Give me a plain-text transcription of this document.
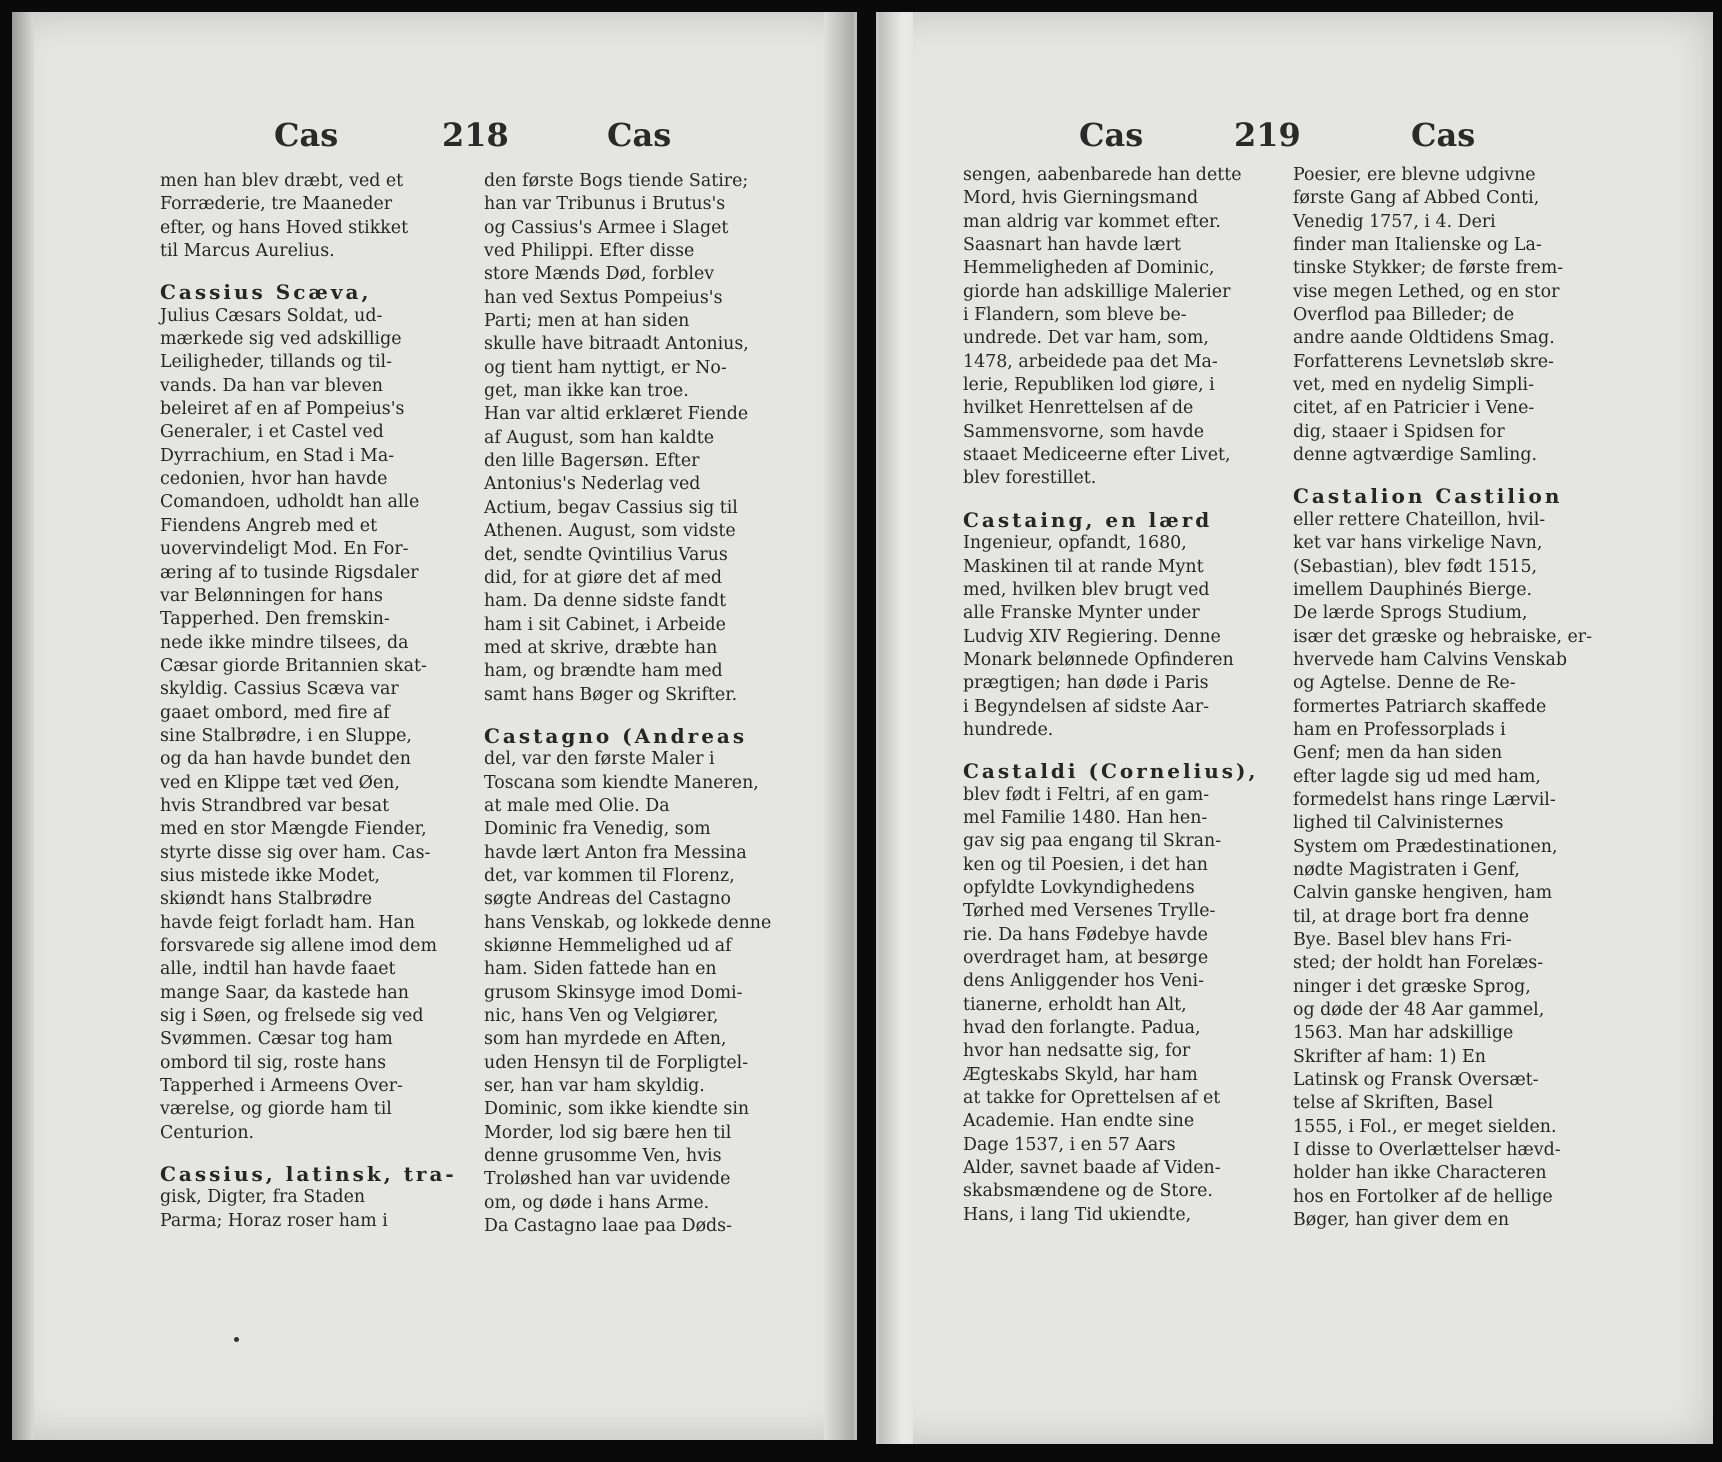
Cas	218	Cas
men han blev dræbt, ved et
Forræderie, tre Maaneder
efter, og hans Hoved stikket
til Marcus Aurelius.
Cassius Scæva,
Julius Cæsars Soldat, ud-
mærkede sig ved adskillige
Leiligheder, tillands og til-
vands. Da han var bleven
beleiret af en af Pompeius's
Generaler, i et Castel ved
Dyrrachium, en Stad i Ma-
cedonien, hvor han havde
Comandoen, udholdt han alle
Fiendens Angreb med et
uovervindeligt Mod. En For-
æring af to tusinde Rigsdaler
var Belønningen for hans
Tapperhed. Den fremskin-
nede ikke mindre tilsees, da
Cæsar giorde Britannien skat-
skyldig. Cassius Scæva var
gaaet ombord, med fire af
sine Stalbrødre, i en Sluppe,
og da han havde bundet den
ved en Klippe tæt ved Øen,
hvis Strandbred var besat
med en stor Mængde Fiender,
styrte disse sig over ham. Cas-
sius mistede ikke Modet,
skiøndt hans Stalbrødre
havde feigt forladt ham. Han
forsvarede sig allene imod dem
alle, indtil han havde faaet
mange Saar, da kastede han
sig i Søen, og frelsede sig ved
Svømmen. Cæsar tog ham
ombord til sig, roste hans
Tapperhed i Armeens Over-
værelse, og giorde ham til
Centurion.
Cassius, latinsk, tra-
gisk, Digter, fra Staden
Parma; Horaz roser ham i
den første Bogs tiende Satire;
han var Tribunus i Brutus's
og Cassius's Armee i Slaget
ved Philippi. Efter disse
store Mænds Død, forblev
han ved Sextus Pompeius's
Parti; men at han siden
skulle have bitraadt Antonius,
og tient ham nyttigt, er No-
get, man ikke kan troe.
Han var altid erklæret Fiende
af August, som han kaldte
den lille Bagersøn. Efter
Antonius's Nederlag ved
Actium, begav Cassius sig til
Athenen. August, som vidste
det, sendte Qvintilius Varus
did, for at giøre det af med
ham. Da denne sidste fandt
ham i sit Cabinet, i Arbeide
med at skrive, dræbte han
ham, og brændte ham med
samt hans Bøger og Skrifter.
Castagno (Andreas
del, var den første Maler i
Toscana som kiendte Maneren,
at male med Olie. Da
Dominic fra Venedig, som
havde lært Anton fra Messina
det, var kommen til Florenz,
søgte Andreas del Castagno
hans Venskab, og lokkede denne
skiønne Hemmelighed ud af
ham. Siden fattede han en
grusom Skinsyge imod Domi-
nic, hans Ven og Velgiører,
som han myrdede en Aften,
uden Hensyn til de Forpligtel-
ser, han var ham skyldig.
Dominic, som ikke kiendte sin
Morder, lod sig bære hen til
denne grusomme Ven, hvis
Troløshed han var uvidende
om, og døde i hans Arme.
Da Castagno laae paa Døds-
Cas	219	Cas
sengen, aabenbarede han dette
Mord, hvis Gierningsmand
man aldrig var kommet efter.
Saasnart han havde lært
Hemmeligheden af Dominic,
giorde han adskillige Malerier
i Flandern, som bleve be-
undrede. Det var ham, som,
1478, arbeidede paa det Ma-
lerie, Republiken lod giøre, i
hvilket Henrettelsen af de
Sammensvorne, som havde
staaet Mediceerne efter Livet,
blev forestillet.
Castaing, en lærd
Ingenieur, opfandt, 1680,
Maskinen til at rande Mynt
med, hvilken blev brugt ved
alle Franske Mynter under
Ludvig XIV Regiering. Denne
Monark belønnede Opfinderen
prægtigen; han døde i Paris
i Begyndelsen af sidste Aar-
hundrede.
Castaldi (Cornelius),
blev født i Feltri, af en gam-
mel Familie 1480. Han hen-
gav sig paa engang til Skran-
ken og til Poesien, i det han
opfyldte Lovkyndighedens
Tørhed med Versenes Trylle-
rie. Da hans Fødebye havde
overdraget ham, at besørge
dens Anliggender hos Veni-
tianerne, erholdt han Alt,
hvad den forlangte. Padua,
hvor han nedsatte sig, for
Ægteskabs Skyld, har ham
at takke for Oprettelsen af et
Academie. Han endte sine
Dage 1537, i en 57 Aars
Alder, savnet baade af Viden-
skabsmændene og de Store.
Hans, i lang Tid ukiendte,
Poesier, ere blevne udgivne
første Gang af Abbed Conti,
Venedig 1757, i 4. Deri
finder man Italienske og La-
tinske Stykker; de første frem-
vise megen Lethed, og en stor
Overflod paa Billeder; de
andre aande Oldtidens Smag.
Forfatterens Levnetsløb skre-
vet, med en nydelig Simpli-
citet, af en Patricier i Vene-
dig, staaer i Spidsen for
denne agtværdige Samling.
Castalion Castilion
eller rettere Chateillon, hvil-
ket var hans virkelige Navn,
(Sebastian), blev født 1515,
imellem Dauphinés Bierge.
De lærde Sprogs Studium,
især det græske og hebraiske, er-
hvervede ham Calvins Venskab
og Agtelse. Denne de Re-
formertes Patriarch skaffede
ham en Professorplads i
Genf; men da han siden
efter lagde sig ud med ham,
formedelst hans ringe Lærvil-
lighed til Calvinisternes
System om Prædestinationen,
nødte Magistraten i Genf,
Calvin ganske hengiven, ham
til, at drage bort fra denne
Bye. Basel blev hans Fri-
sted; der holdt han Forelæs-
ninger i det græske Sprog,
og døde der 48 Aar gammel,
1563. Man har adskillige
Skrifter af ham: 1) En
Latinsk og Fransk Oversæt-
telse af Skriften, Basel
1555, i Fol., er meget sielden.
I disse to Overlættelser hævd-
holder han ikke Characteren
hos en Fortolker af de hellige
Bøger, han giver dem en
